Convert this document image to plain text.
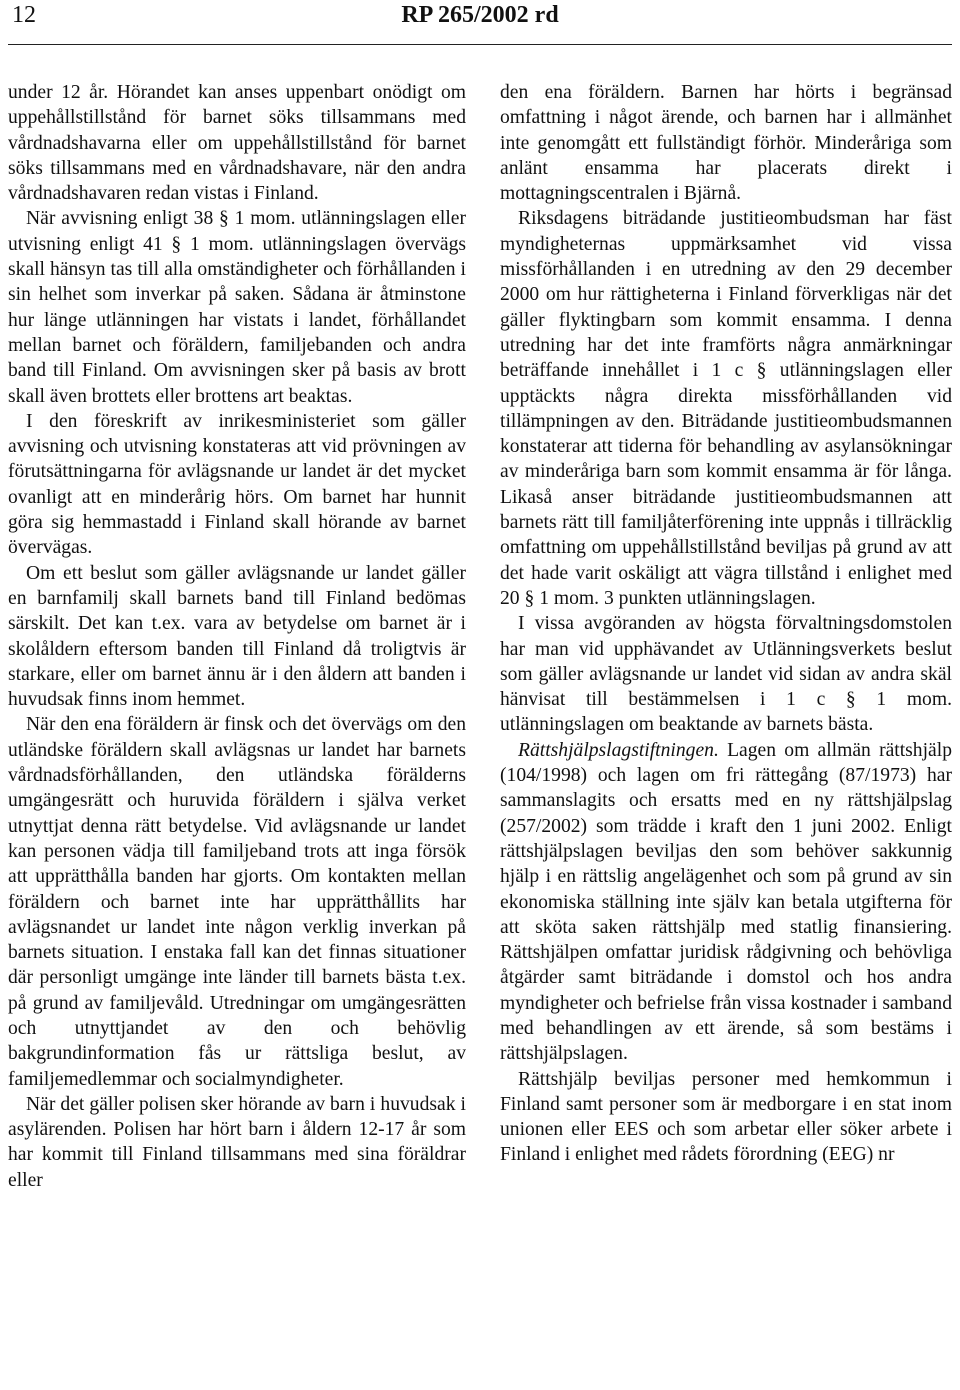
12	RP 265/2002 rd

under 12 år. Hörandet kan anses uppenbart onödigt om uppehållstillstånd för barnet söks tillsammans med vårdnadshavarna eller om uppehållstillstånd för barnet söks tillsammans med en vårdnadshavare, när den andra vårdnadshavaren redan vistas i Finland.

När avvisning enligt 38 § 1 mom. utlänningslagen eller utvisning enligt 41 § 1 mom. utlänningslagen övervägs skall hänsyn tas till alla omständigheter och förhållanden i sin helhet som inverkar på saken. Sådana är åtminstone hur länge utlänningen har vistats i landet, förhållandet mellan barnet och föräldern, familjebanden och andra band till Finland. Om avvisningen sker på basis av brott skall även brottets eller brottens art beaktas.

I den föreskrift av inrikesministeriet som gäller avvisning och utvisning konstateras att vid prövningen av förutsättningarna för avlägsnande ur landet är det mycket ovanligt att en minderårig hörs. Om barnet har hunnit göra sig hemmastadd i Finland skall hörande av barnet övervägas.

Om ett beslut som gäller avlägsnande ur landet gäller en barnfamilj skall barnets band till Finland bedömas särskilt. Det kan t.ex. vara av betydelse om barnet är i skolåldern eftersom banden till Finland då troligtvis är starkare, eller om barnet ännu är i den åldern att banden i huvudsak finns inom hemmet.

När den ena föräldern är finsk och det övervägs om den utländske föräldern skall avlägsnas ur landet har barnets vårdnadsförhållanden, den utländska förälderns umgängesrätt och huruvida föräldern i själva verket utnyttjat denna rätt betydelse. Vid avlägsnande ur landet kan personen vädja till familjeband trots att inga försök att upprätthålla banden har gjorts. Om kontakten mellan föräldern och barnet inte har upprätthållits har avlägsnandet ur landet inte någon verklig inverkan på barnets situation. I enstaka fall kan det finnas situationer där personligt umgänge inte länder till barnets bästa t.ex. på grund av familjevåld. Utredningar om umgängesrätten och utnyttjandet av den och behövlig bakgrundinformation fås ur rättsliga beslut, av familjemedlemmar och socialmyndigheter.

När det gäller polisen sker hörande av barn i huvudsak i asylärenden. Polisen har hört barn i åldern 12-17 år som har kommit till Finland tillsammans med sina föräldrar eller

den ena föräldern. Barnen har hörts i begränsad omfattning i något ärende, och barnen har i allmänhet inte genomgått ett fullständigt förhör. Minderåriga som anlänt ensamma har placerats direkt i mottagningscentralen i Bjärnå.

Riksdagens biträdande justitieombudsman har fäst myndigheternas uppmärksamhet vid vissa missförhållanden i en utredning av den 29 december 2000 om hur rättigheterna i Finland förverkligas när det gäller flyktingbarn som kommit ensamma. I denna utredning har det inte framförts några anmärkningar beträffande innehållet i 1 c § utlänningslagen eller upptäckts några direkta missförhållanden vid tillämpningen av den. Biträdande justitieombudsmannen konstaterar att tiderna för behandling av asylansökningar av minderåriga barn som kommit ensamma är för långa. Likaså anser biträdande justitieombudsmannen att barnets rätt till familjåterförening inte uppnås i tillräcklig omfattning om uppehållstillstånd beviljas på grund av att det hade varit oskäligt att vägra tillstånd i enlighet med 20 § 1 mom. 3 punkten utlänningslagen.

I vissa avgöranden av högsta förvaltningsdomstolen har man vid upphävandet av Utlänningsverkets beslut som gäller avlägsnande ur landet vid sidan av andra skäl hänvisat till bestämmelsen i 1 c § 1 mom. utlänningslagen om beaktande av barnets bästa.

Rättshjälpslagstiftningen. Lagen om allmän rättshjälp (104/1998) och lagen om fri rättegång (87/1973) har sammanslagits och ersatts med en ny rättshjälpslag (257/2002) som trädde i kraft den 1 juni 2002. Enligt rättshjälpslagen beviljas den som behöver sakkunnig hjälp i en rättslig angelägenhet och som på grund av sin ekonomiska ställning inte själv kan betala utgifterna för att sköta saken rättshjälp med statlig finansiering. Rättshjälpen omfattar juridisk rådgivning och behövliga åtgärder samt biträdande i domstol och hos andra myndigheter och befrielse från vissa kostnader i samband med behandlingen av ett ärende, så som bestäms i rättshjälpslagen.

Rättshjälp beviljas personer med hemkommun i Finland samt personer som är medborgare i en stat inom unionen eller EES och som arbetar eller söker arbete i Finland i enlighet med rådets förordning (EEG) nr
